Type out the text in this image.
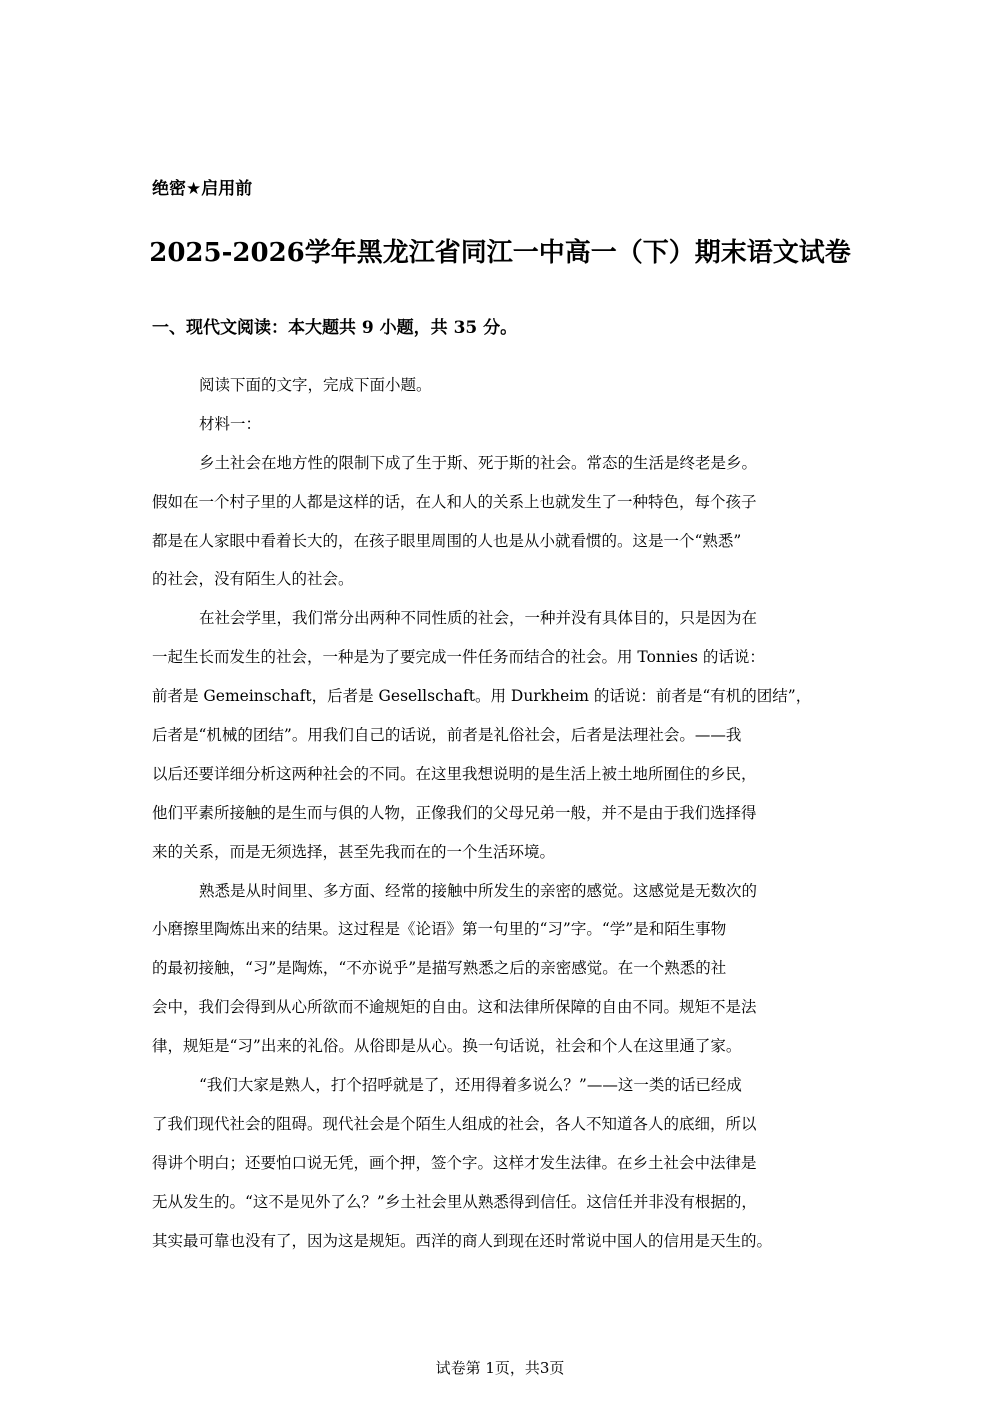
绝密★启用前
2025-2026学年黑龙江省同江一中高一（下）期末语文试卷
一、现代文阅读：本大题共 9 小题，共 35 分。
阅读下面的文字，完成下面小题。
材料一：
乡土社会在地方性的限制下成了生于斯、死于斯的社会。常态的生活是终老是乡。
假如在一个村子里的人都是这样的话，在人和人的关系上也就发生了一种特色，每个孩子
都是在人家眼中看着长大的，在孩子眼里周围的人也是从小就看惯的。这是一个“熟悉”
的社会，没有陌生人的社会。
在社会学里，我们常分出两种不同性质的社会，一种并没有具体目的，只是因为在
一起生长而发生的社会，一种是为了要完成一件任务而结合的社会。用 Tonnies 的话说：
前者是 Gemeinschaft，后者是 Gesellschaft。用 Durkheim 的话说：前者是“有机的团结”，
后者是“机械的团结”。用我们自己的话说，前者是礼俗社会，后者是法理社会。——我
以后还要详细分析这两种社会的不同。在这里我想说明的是生活上被土地所囿住的乡民，
他们平素所接触的是生而与俱的人物，正像我们的父母兄弟一般，并不是由于我们选择得
来的关系，而是无须选择，甚至先我而在的一个生活环境。
熟悉是从时间里、多方面、经常的接触中所发生的亲密的感觉。这感觉是无数次的
小磨擦里陶炼出来的结果。这过程是《论语》第一句里的“习”字。“学”是和陌生事物
的最初接触，“习”是陶炼，“不亦说乎”是描写熟悉之后的亲密感觉。在一个熟悉的社
会中，我们会得到从心所欲而不逾规矩的自由。这和法律所保障的自由不同。规矩不是法
律，规矩是“习”出来的礼俗。从俗即是从心。换一句话说，社会和个人在这里通了家。
“我们大家是熟人，打个招呼就是了，还用得着多说么？”——这一类的话已经成
了我们现代社会的阻碍。现代社会是个陌生人组成的社会，各人不知道各人的底细，所以
得讲个明白；还要怕口说无凭，画个押，签个字。这样才发生法律。在乡土社会中法律是
无从发生的。“这不是见外了么？”乡土社会里从熟悉得到信任。这信任并非没有根据的，
其实最可靠也没有了，因为这是规矩。西洋的商人到现在还时常说中国人的信用是天生的。
试卷第 1页，共3页
